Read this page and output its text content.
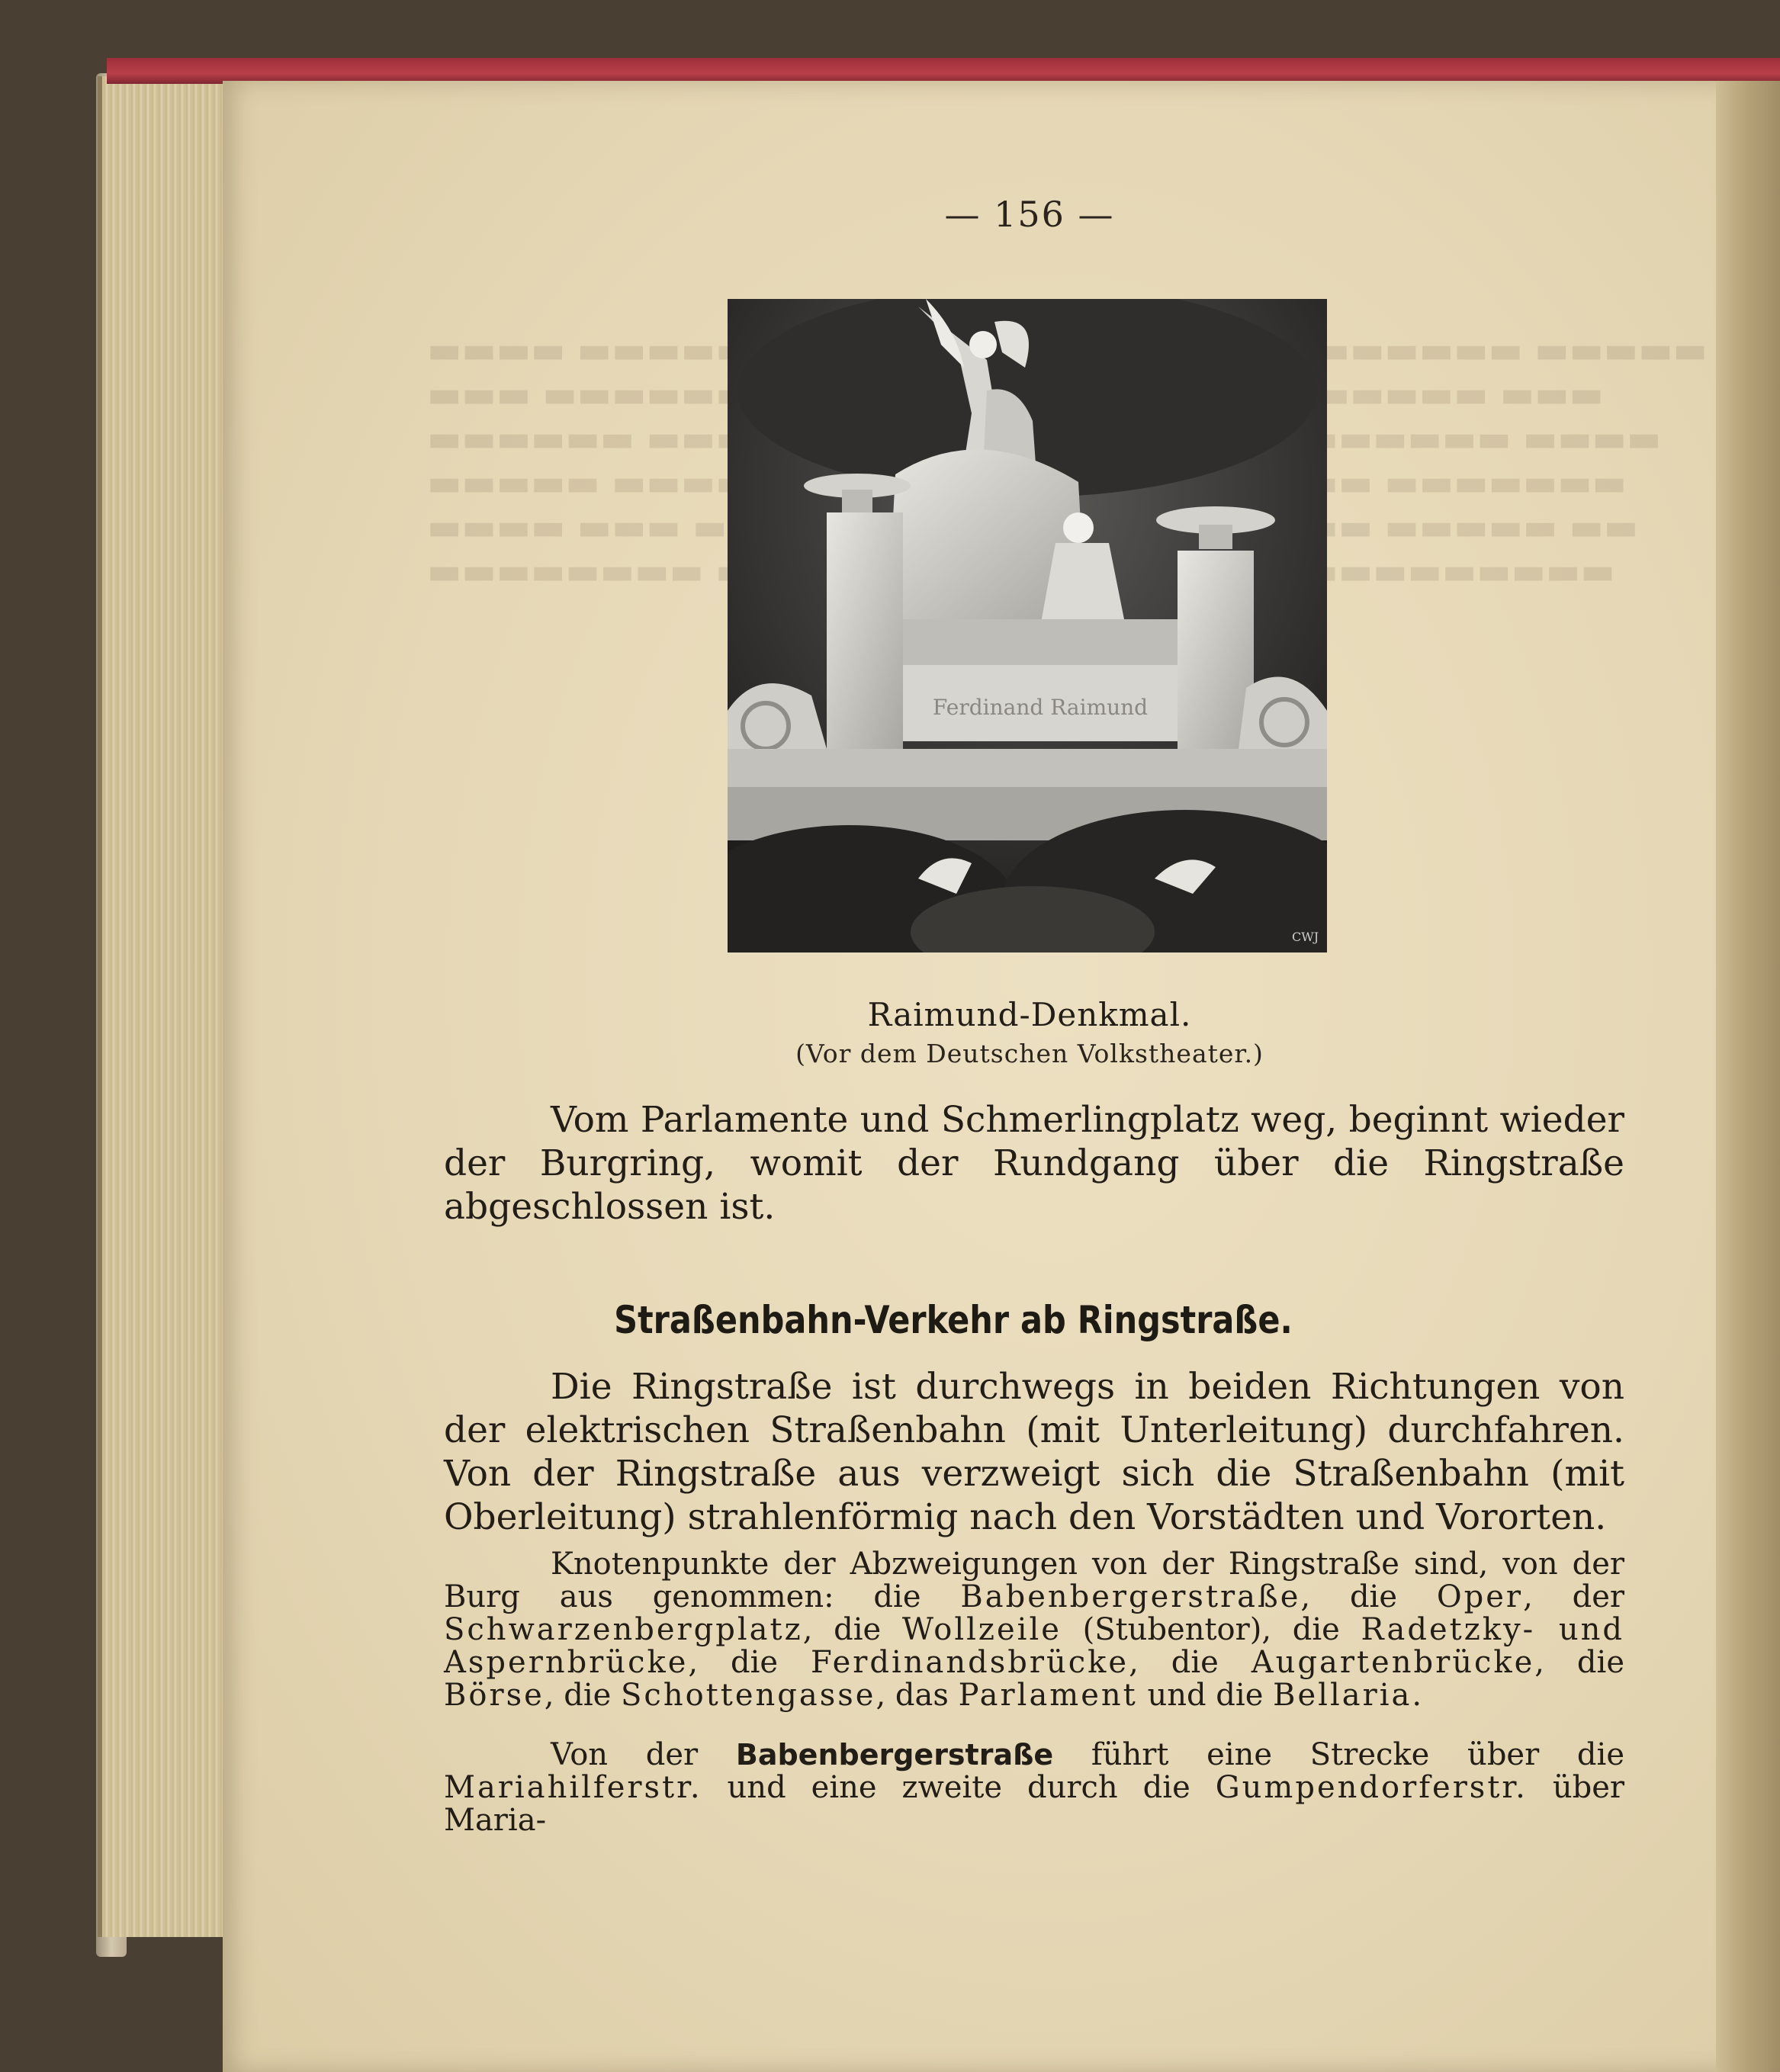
— 156 —
Ferdinand Raimund
CWJ
Raimund-Denkmal.
(Vor dem Deutschen Volkstheater.)
Vom Parlamente und Schmerlingplatz weg, beginnt wieder der Burgring, womit der Rundgang über die Ringstraße abgeschlossen ist.
Straßenbahn-Verkehr ab Ringstraße.
Die Ringstraße ist durchwegs in beiden Richtungen von der elektrischen Straßenbahn (mit Unterleitung) durchfahren. Von der Ringstraße aus verzweigt sich die Straßenbahn (mit Oberleitung) strahlenförmig nach den Vorstädten und Vororten.
Knotenpunkte der Abzweigungen von der Ringstraße sind, von der Burg aus genommen: die Babenbergerstraße, die Oper, der Schwarzenbergplatz, die Wollzeile (Stubentor), die Radetzky- und Aspernbrücke, die Ferdinandsbrücke, die Augartenbrücke, die Börse, die Schottengasse, das Parlament und die Bellaria.
Von der Babenbergerstraße führt eine Strecke über die Mariahilferstr. und eine zweite durch die Gumpendorferstr. über Maria-
